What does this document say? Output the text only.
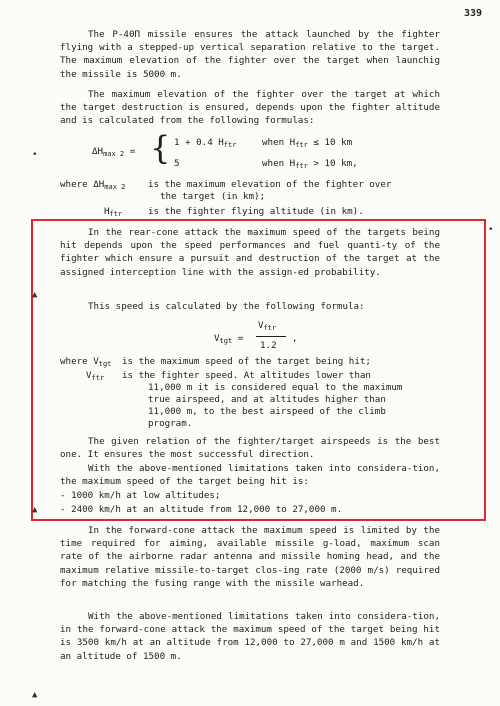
339

The P-40П missile ensures the attack launched by the fighter flying with a stepped-up vertical separation relative to the target. The maximum elevation of the fighter over the target when launchig the missile is 5000 m.

The maximum elevation of the fighter over the target at which the target destruction is ensured, depends upon the fighter altitude and is calculated from the following formulas:

$\Delta H_{max 2}$ = { 1 + 0.4 $H_{ftr}$	when $H_{ftr} \le 10$ km
5	when $H_{ftr} > 10$ km,
where $\Delta H_{max 2}$ is the maximum elevation of the fighter over
the target (in km);
$H_{ftr}$	is the fighter flying altitude (in km).

In the rear-cone attack the maximum speed of the targets being hit depends upon the speed performances and fuel quanti-ty of the fighter which ensure a pursuit and destruction of the target at the assigned interception line with the assign-ed probability.

This speed is calculated by the following formula:

$V_{tgt}$ =
$V_{ftr}$
1.2
,
where $V_{tgt}$ is the maximum speed of the target being hit;
$V_{ftr}$ is the fighter speed. At altitudes lower than
11,000 m it is considered equal to the maximum
true airspeed, and at altitudes higher than
11,000 m, to the best airspeed of the climb
program.

The given relation of the fighter/target airspeeds is the best one. It ensures the most successful direction.

With the above-mentioned limitations taken into considera-tion, the maximum speed of the target being hit is:

- 1000 km/h at low altitudes;
- 2400 km/h at an altitude from 12,000 to 27,000 m.

In the forward-cone attack the maximum speed is limited by the time required for aiming, available missile g-load, maximum scan rate of the airborne radar antenna and missile homing head, and the maximum relative missile-to-target clos-ing rate (2000 m/s) required for matching the fusing range with the missile warhead.

With the above-mentioned limitations taken into considera-tion, in the forward-cone attack the maximum speed of the target being hit is 3500 km/h at an altitude from 12,000 to 27,000 m and 1500 km/h at an altitude of 1500 m.

•
•
▲
▲
▲
